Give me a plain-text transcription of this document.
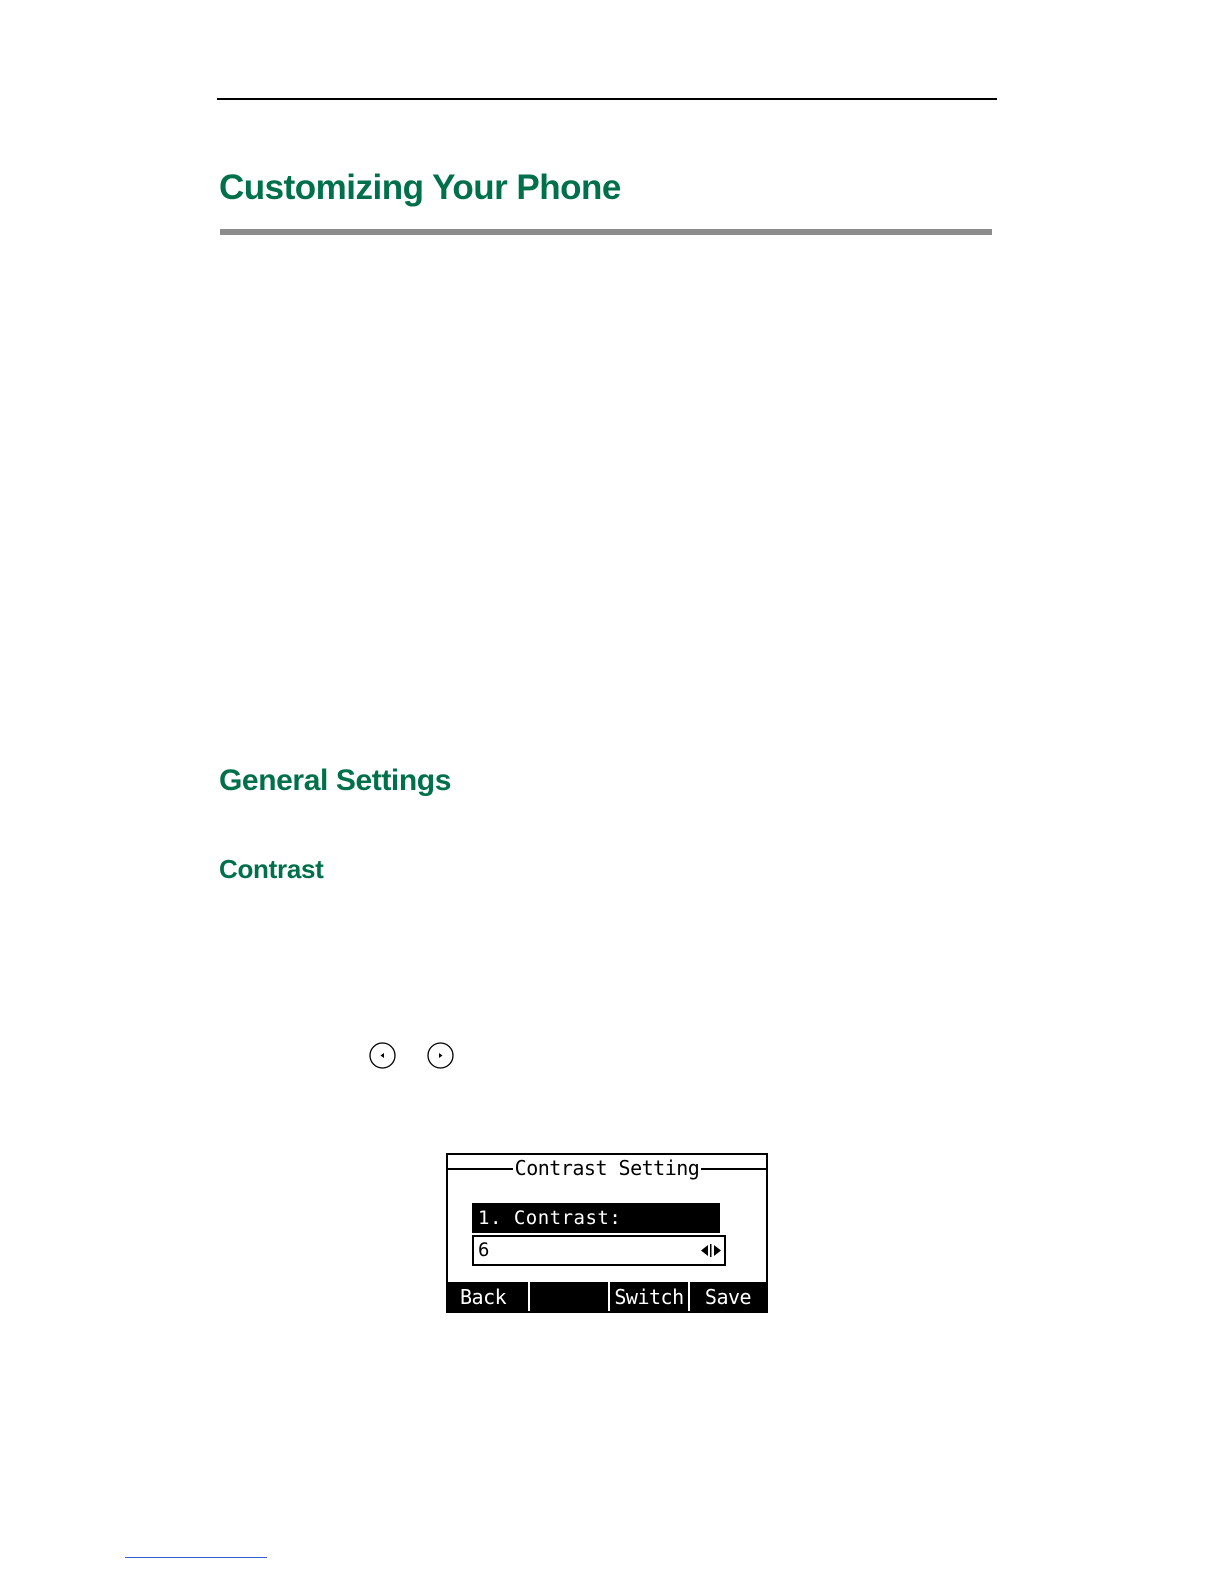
Customizing Your Phone
General Settings
Contrast
Contrast Setting
1. Contrast:
6
Back	Switch	Save
